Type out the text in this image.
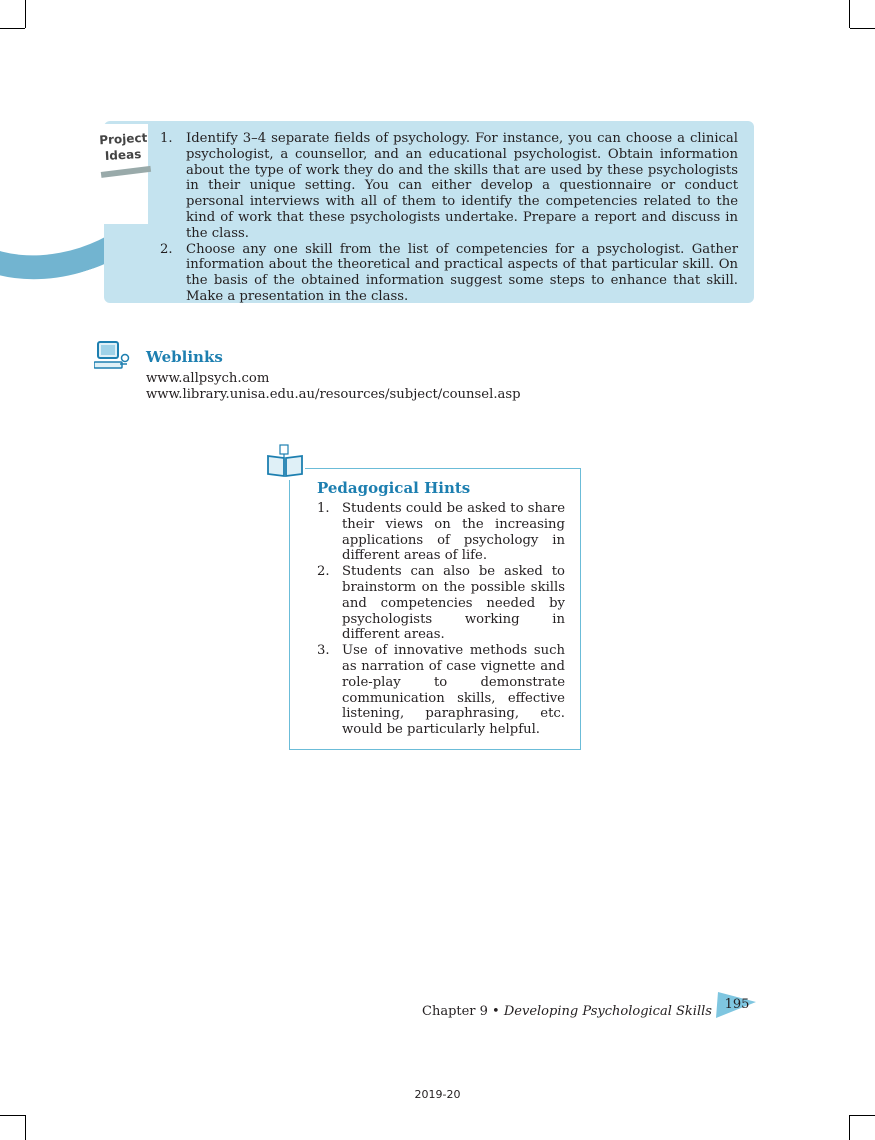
Project
Ideas
1. Identify 3–4 separate fields of psychology. For instance, you can choose a clinical psychologist, a counsellor, and an educational psychologist. Obtain information about the type of work they do and the skills that are used by these psychologists in their unique setting. You can either develop a questionnaire or conduct personal interviews with all of them to identify the competencies related to the kind of work that these psychologists undertake. Prepare a report and discuss in the class.
2. Choose any one skill from the list of competencies for a psychologist. Gather information about the theoretical and practical aspects of that particular skill. On the basis of the obtained information suggest some steps to enhance that skill. Make a presentation in the class.
Weblinks
www.allpsych.com
www.library.unisa.edu.au/resources/subject/counsel.asp
Pedagogical Hints
1. Students could be asked to share their views on the increasing applications of psychology in different areas of life.
2. Students can also be asked to brainstorm on the possible skills and competencies needed by psychologists working in different areas.
3. Use of innovative methods such as narration of case vignette and role-play to demonstrate communication skills, effective listening, paraphrasing, etc. would be particularly helpful.
Chapter 9 • Developing Psychological Skills 195
2019-20
